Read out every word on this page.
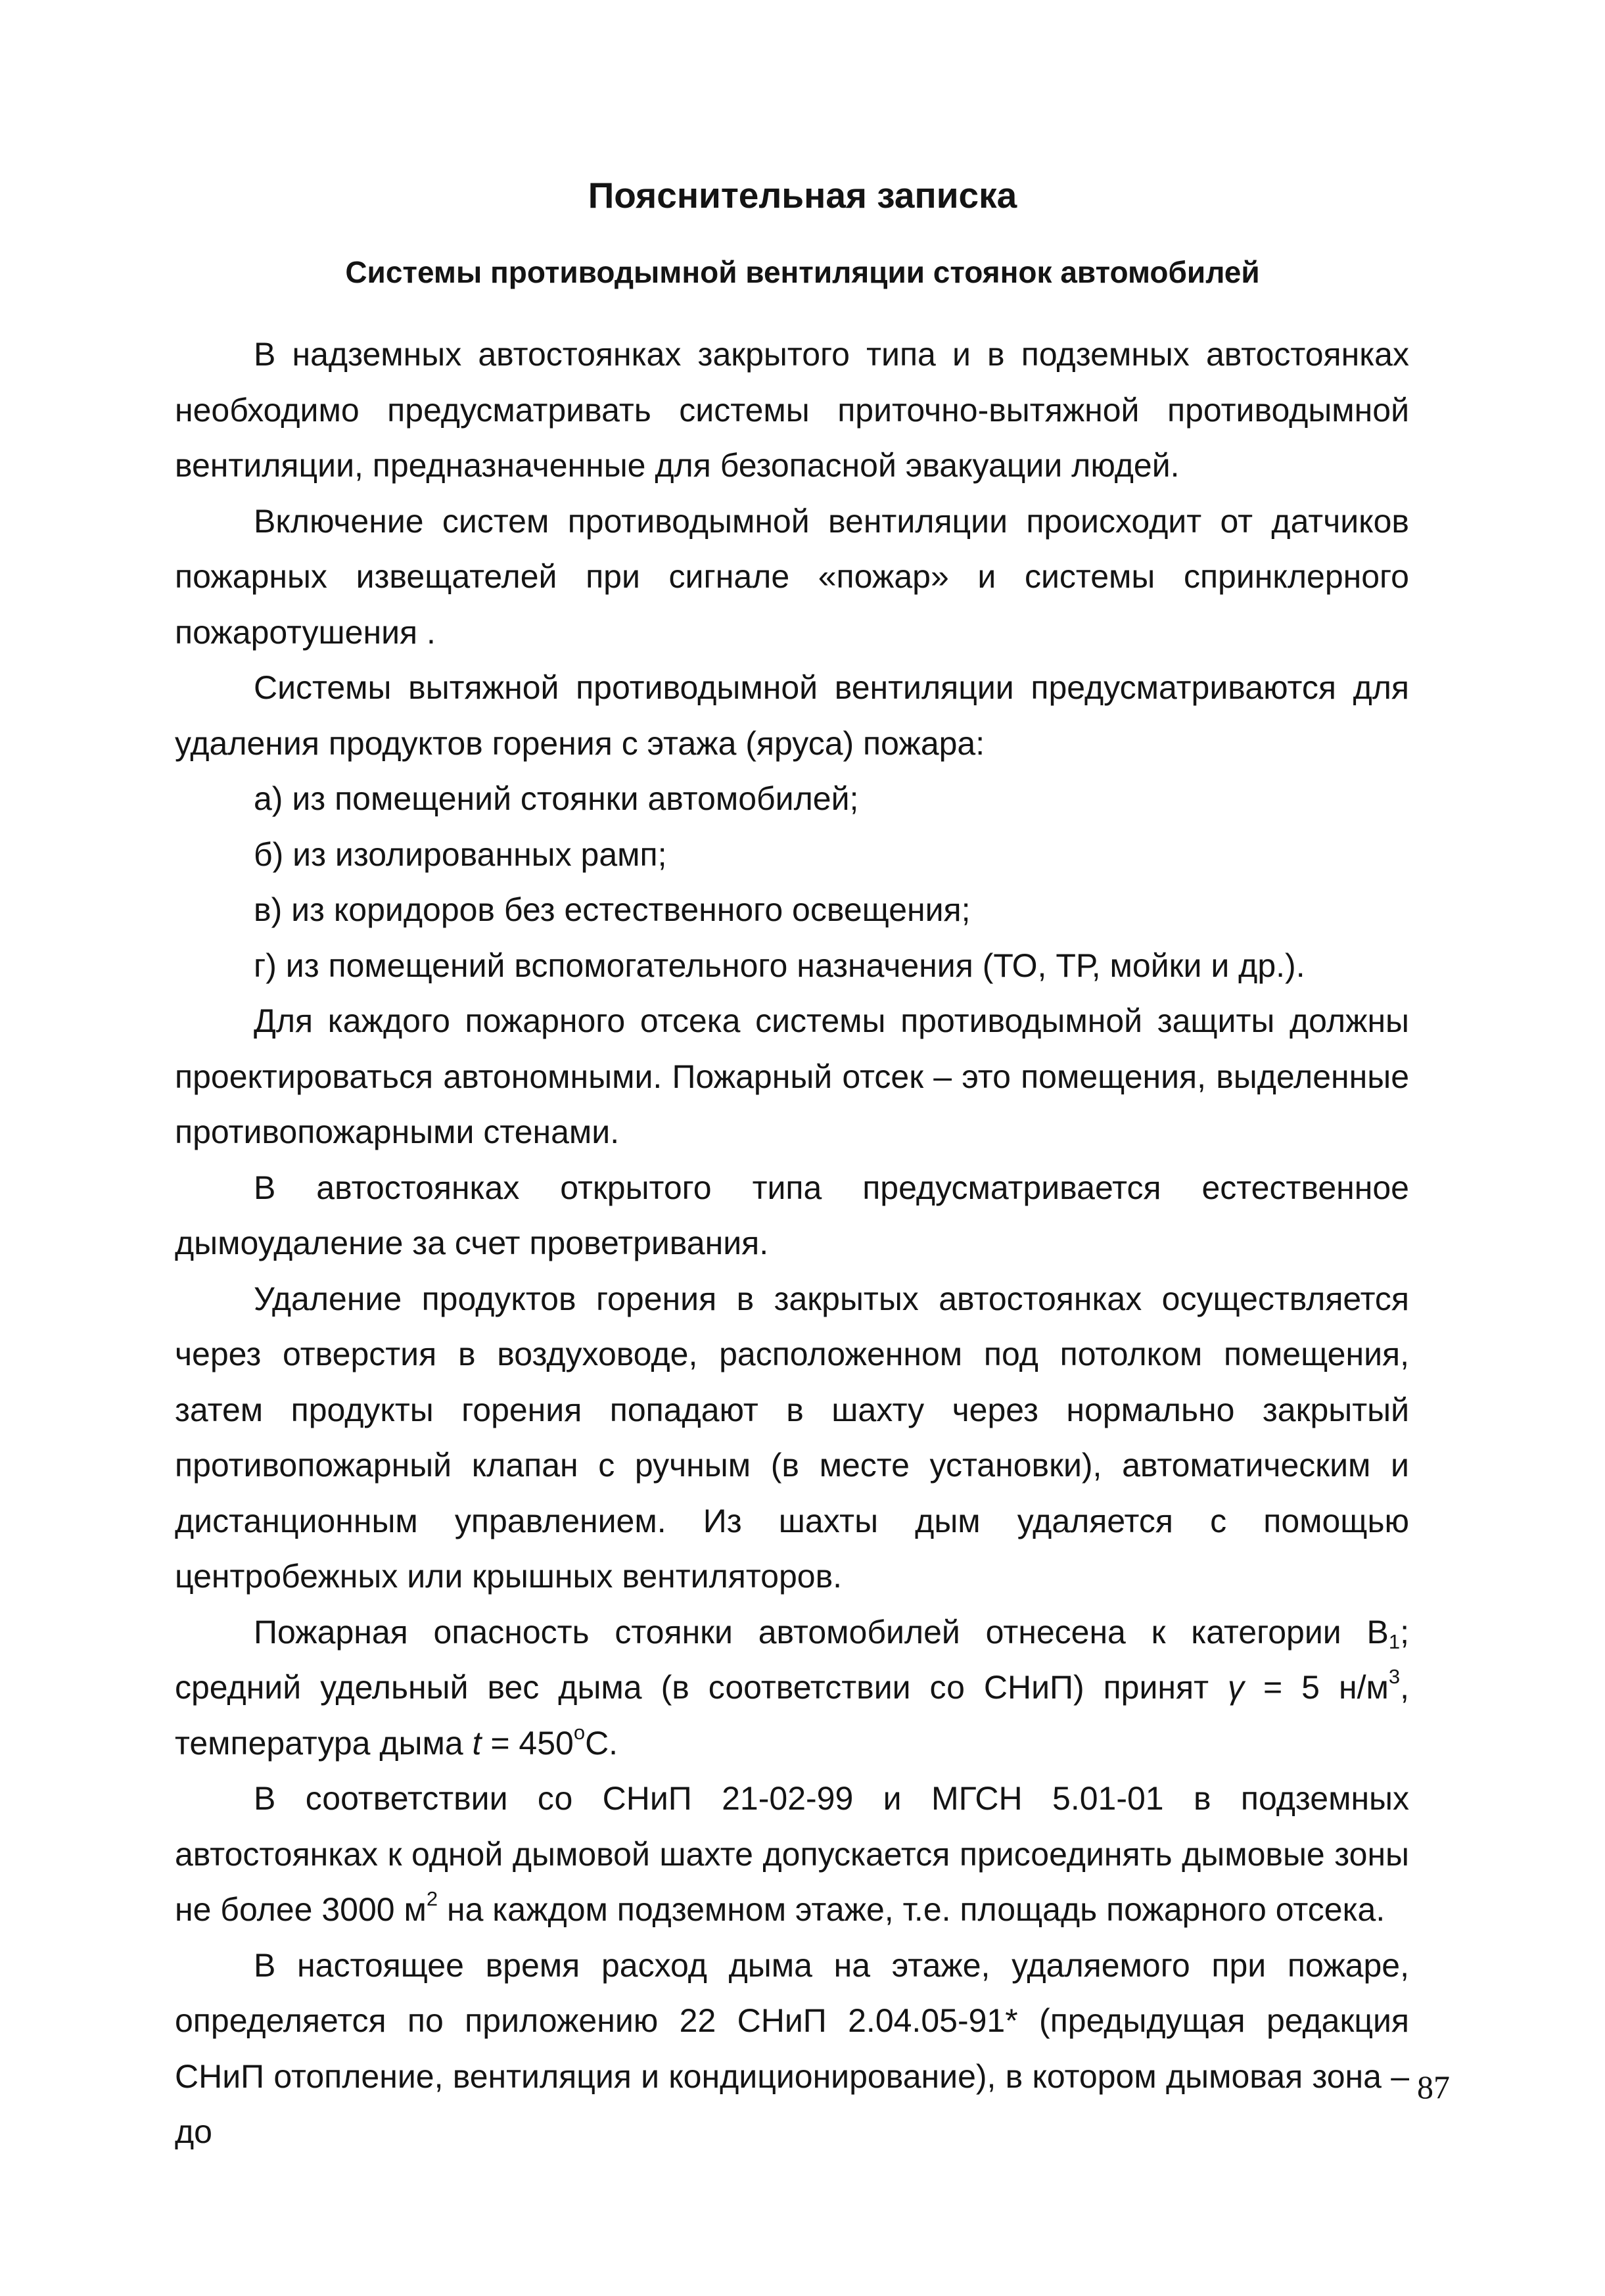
Пояснительная записка
Системы противодымной вентиляции стоянок автомобилей

В надземных автостоянках закрытого типа и в подземных автостоянках необходимо предусматривать системы приточно-вытяжной противодымной вентиляции, предназначенные для безопасной эвакуации людей.

Включение систем противодымной вентиляции происходит от датчиков пожарных извещателей при сигнале «пожар» и системы спринклерного пожаротушения .

Системы вытяжной противодымной вентиляции предусматриваются для удаления продуктов горения с этажа (яруса) пожара:

а) из помещений стоянки автомобилей;

б) из изолированных рамп;

в) из коридоров без естественного освещения;

г) из помещений вспомогательного назначения (ТО, ТР, мойки и др.).

Для каждого пожарного отсека системы противодымной защиты должны проектироваться автономными. Пожарный отсек – это помещения, выделенные противопожарными стенами.

В автостоянках открытого типа предусматривается естественное дымоудаление за счет проветривания.

Удаление продуктов горения в закрытых автостоянках осуществляется через отверстия в воздуховоде, расположенном под потолком помещения, затем продукты горения попадают в шахту через нормально закрытый противопожарный клапан с ручным (в месте установки), автоматическим и дистанционным управлением. Из шахты дым удаляется с помощью центробежных или крышных вентиляторов.

Пожарная опасность стоянки автомобилей отнесена к категории $В_1$; средний удельный вес дыма (в соответствии со СНиП) принят γ = 5 $н/м^3$, температура дыма $t = 450^оС$.

В соответствии со СНиП 21-02-99 и МГСН 5.01-01 в подземных автостоянках к одной дымовой шахте допускается присоединять дымовые зоны не более 3000 $м^2$ на каждом подземном этаже, т.е. площадь пожарного отсека.

В настоящее время расход дыма на этаже, удаляемого при пожаре, определяется по приложению 22 СНиП 2.04.05-91* (предыдущая редакция СНиП отопление, вентиляция и кондиционирование), в котором дымовая зона – до

87
